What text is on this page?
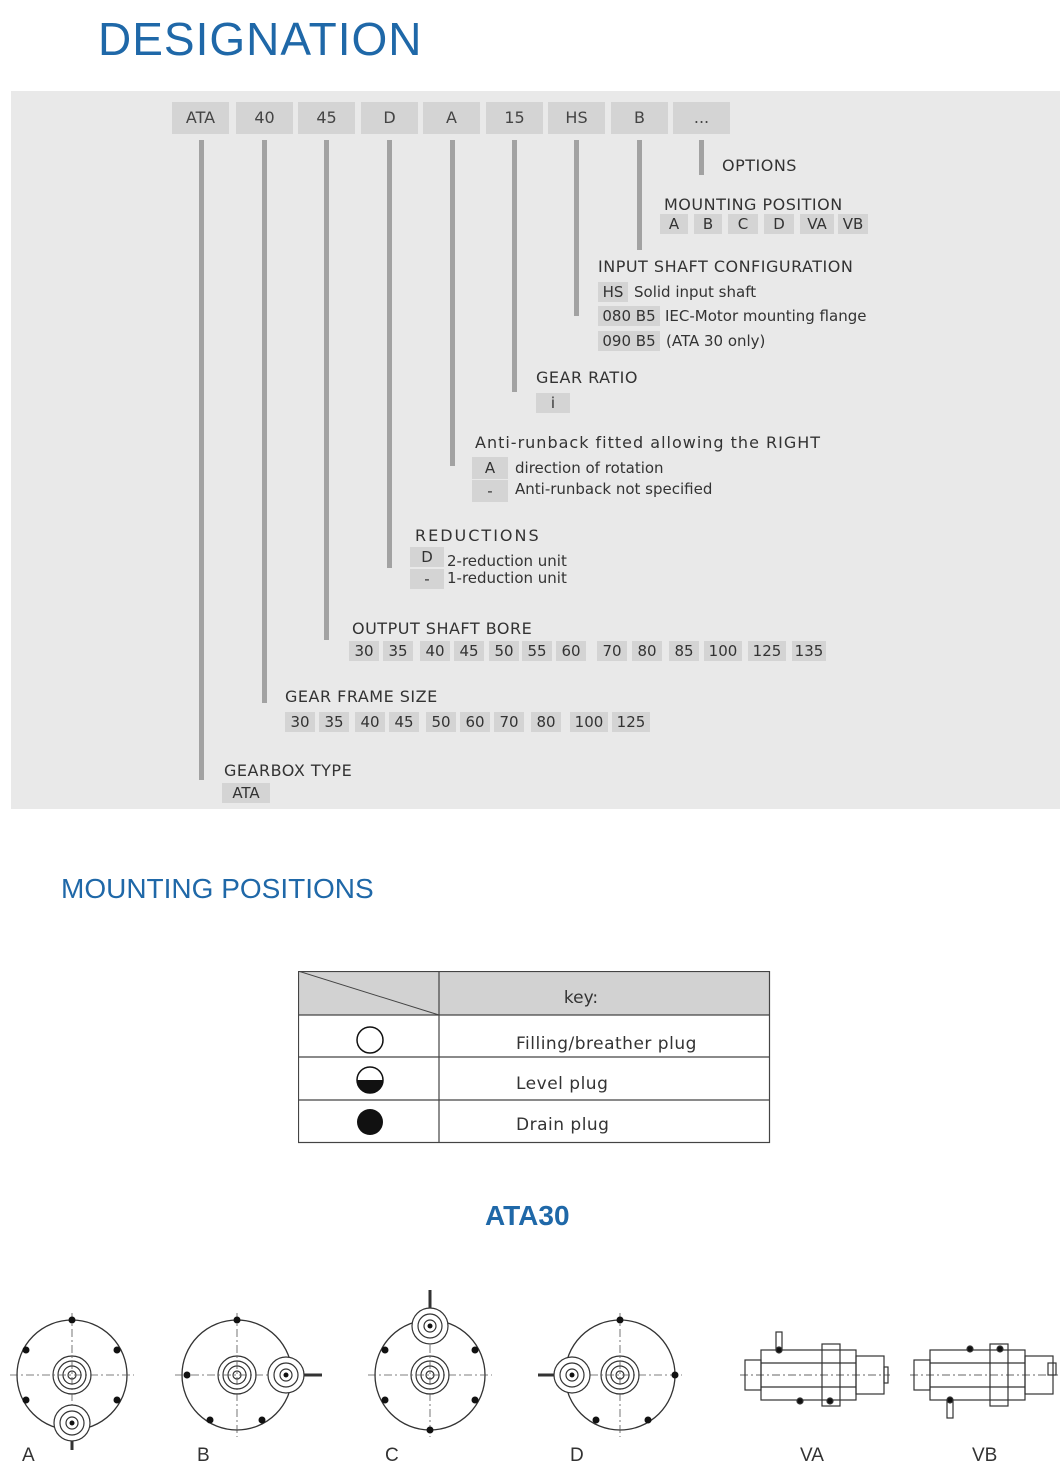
DESIGNATION
ATA	40	45	D	A	15	HS	B	...
OPTIONS
MOUNTING POSITION
A	B	C	D	VA	VB
INPUT SHAFT CONFIGURATION
HS Solid input shaft
080 B5 IEC-Motor mounting flange
090 B5 (ATA 30 only)
GEAR RATIO
i
Anti-runback fitted allowing the RIGHT
A	direction of rotation
-	Anti-runback not specified
REDUCTIONS
D 2-reduction unit
-	1-reduction unit
OUTPUT SHAFT BORE
30 35	40 45	50 55 60	70	80	85	100	125 135
GEAR FRAME SIZE
30 35	40 45	50 60 70	80	100 125
GEARBOX TYPE
ATA
MOUNTING POSITIONS
key:
Filling/breather plug
Level plug
Drain plug
ATA30
A	B	C	D	VA	VB
